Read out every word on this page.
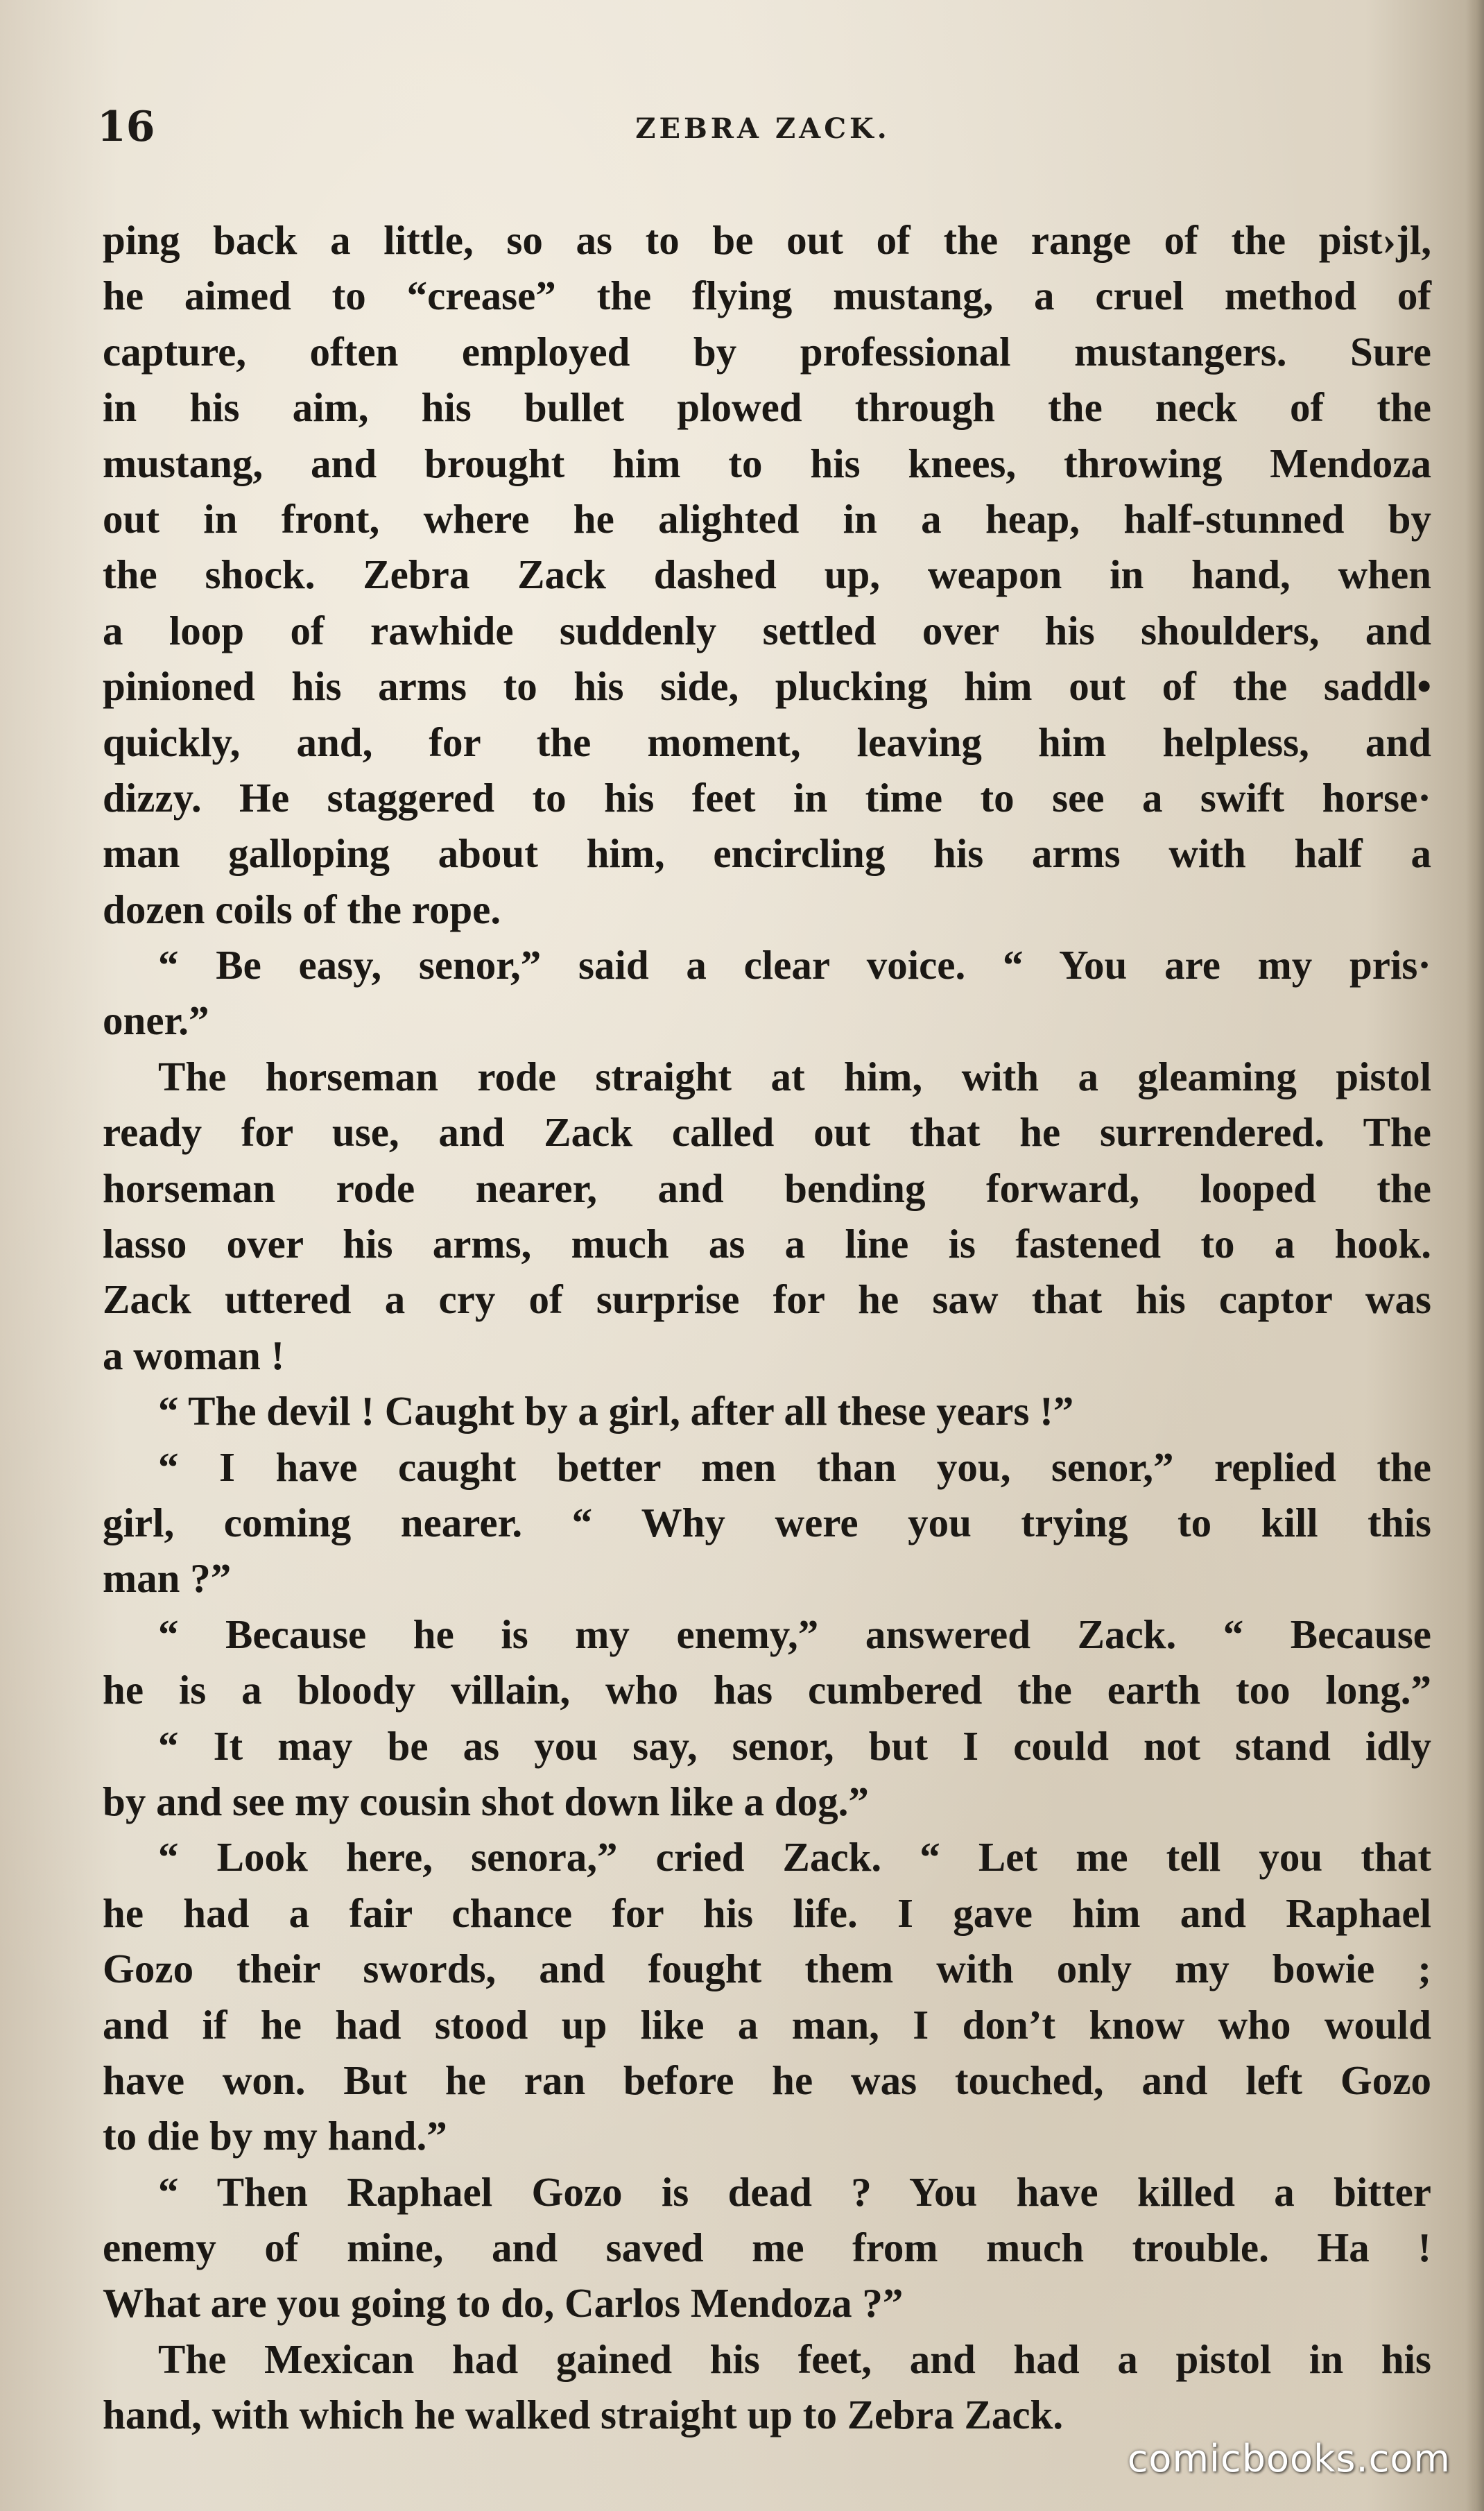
16	ZEBRA ZACK.
ping back a little, so as to be out of the range of the pist›jl,
he aimed to “crease” the flying mustang, a cruel method of
capture, often employed by professional mustangers. Sure
in his aim, his bullet plowed through the neck of the
mustang, and brought him to his knees, throwing Mendoza
out in front, where he alighted in a heap, half-stunned by
the shock. Zebra Zack dashed up, weapon in hand, when
a loop of rawhide suddenly settled over his shoulders, and
pinioned his arms to his side, plucking him out of the saddl•
quickly, and, for the moment, leaving him helpless, and
dizzy. He staggered to his feet in time to see a swift horse·
man galloping about him, encircling his arms with half a
dozen coils of the rope.
“ Be easy, senor,” said a clear voice. “ You are my pris·
oner.”
The horseman rode straight at him, with a gleaming pistol
ready for use, and Zack called out that he surrendered. The
horseman rode nearer, and bending forward, looped the
lasso over his arms, much as a line is fastened to a hook.
Zack uttered a cry of surprise for he saw that his captor was
a woman !
“ The devil ! Caught by a girl, after all these years !”
“ I have caught better men than you, senor,” replied the
girl, coming nearer. “ Why were you trying to kill this
man ?”
“ Because he is my enemy,” answered Zack. “ Because
he is a bloody villain, who has cumbered the earth too long.”
“ It may be as you say, senor, but I could not stand idly
by and see my cousin shot down like a dog.”
“ Look here, senora,” cried Zack. “ Let me tell you that
he had a fair chance for his life. I gave him and Raphael
Gozo their swords, and fought them with only my bowie ;
and if he had stood up like a man, I don’t know who would
have won. But he ran before he was touched, and left Gozo
to die by my hand.”
“ Then Raphael Gozo is dead ? You have killed a bitter
enemy of mine, and saved me from much trouble. Ha !
What are you going to do, Carlos Mendoza ?”
The Mexican had gained his feet, and had a pistol in his
hand, with which he walked straight up to Zebra Zack.
comicbooks.com
